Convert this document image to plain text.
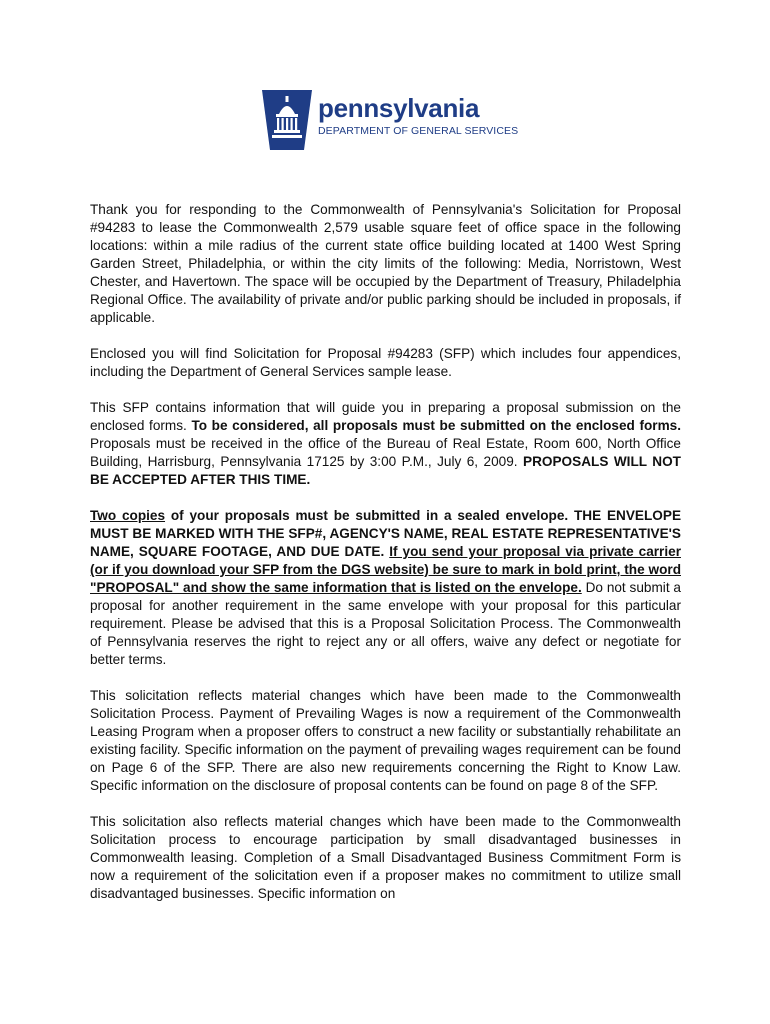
pennsylvania
DEPARTMENT OF GENERAL SERVICES

Thank you for responding to the Commonwealth of Pennsylvania's Solicitation for Proposal #94283 to lease the Commonwealth 2,579 usable square feet of office space in the following locations: within a mile radius of the current state office building located at 1400 West Spring Garden Street, Philadelphia, or within the city limits of the following: Media, Norristown, West Chester, and Havertown. The space will be occupied by the Department of Treasury, Philadelphia Regional Office. The availability of private and/or public parking should be included in proposals, if applicable.

Enclosed you will find Solicitation for Proposal #94283 (SFP) which includes four appendices, including the Department of General Services sample lease.

This SFP contains information that will guide you in preparing a proposal submission on the enclosed forms. To be considered, all proposals must be submitted on the enclosed forms. Proposals must be received in the office of the Bureau of Real Estate, Room 600, North Office Building, Harrisburg, Pennsylvania 17125 by 3:00 P.M., July 6, 2009. PROPOSALS WILL NOT BE ACCEPTED AFTER THIS TIME.

Two copies of your proposals must be submitted in a sealed envelope. THE ENVELOPE MUST BE MARKED WITH THE SFP#, AGENCY'S NAME, REAL ESTATE REPRESENTATIVE'S NAME, SQUARE FOOTAGE, AND DUE DATE. If you send your proposal via private carrier (or if you download your SFP from the DGS website) be sure to mark in bold print, the word "PROPOSAL" and show the same information that is listed on the envelope. Do not submit a proposal for another requirement in the same envelope with your proposal for this particular requirement. Please be advised that this is a Proposal Solicitation Process. The Commonwealth of Pennsylvania reserves the right to reject any or all offers, waive any defect or negotiate for better terms.

This solicitation reflects material changes which have been made to the Commonwealth Solicitation Process. Payment of Prevailing Wages is now a requirement of the Commonwealth Leasing Program when a proposer offers to construct a new facility or substantially rehabilitate an existing facility. Specific information on the payment of prevailing wages requirement can be found on Page 6 of the SFP. There are also new requirements concerning the Right to Know Law. Specific information on the disclosure of proposal contents can be found on page 8 of the SFP.

This solicitation also reflects material changes which have been made to the Commonwealth Solicitation process to encourage participation by small disadvantaged businesses in Commonwealth leasing. Completion of a Small Disadvantaged Business Commitment Form is now a requirement of the solicitation even if a proposer makes no commitment to utilize small disadvantaged businesses. Specific information on
